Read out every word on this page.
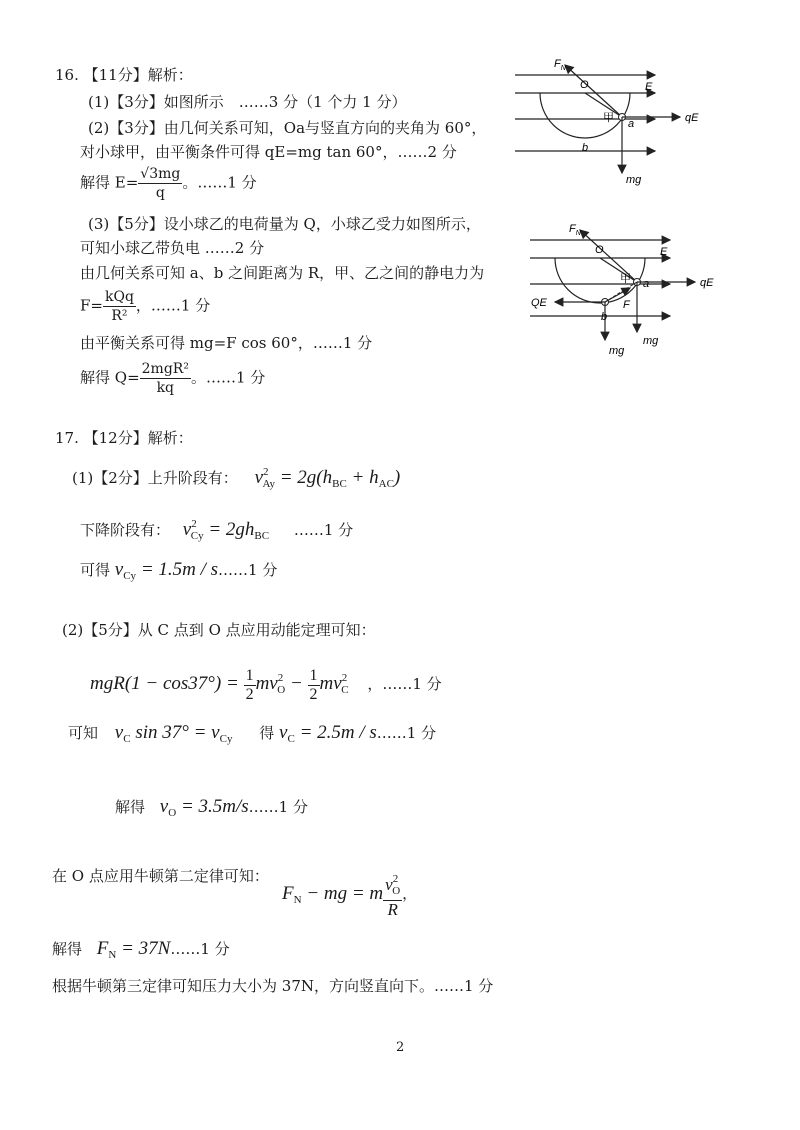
16. 【11分】解析：
(1)【3分】如图所示　……3 分（1 个力 1 分）
(2)【3分】由几何关系可知，Oa与竖直方向的夹角为 60°，
对小球甲，由平衡条件可得 qE=mg tan 60°，……2 分
解得 $E= \frac{√3mg}{q}$ 。……1 分
(3)【5分】设小球乙的电荷量为 Q，小球乙受力如图所示，
可知小球乙带负电 ……2 分
由几何关系可知 a、b 之间距离为 R，甲、乙之间的静电力为
$F= \frac{\text{kQq}}{\text{R²}}$ ，……1 分
由平衡关系可得 mg=F cos 60°，……1 分
解得 $Q= \frac{\text{2mgR²}}{kq}$ 。……1 分
$F_N$
O	E
甲 a	qE
b
mg
$F_N$
O	E
甲 a	qE
QE	F
b
mg
mg
17. 【12分】解析：
(1)【2分】上升阶段有： $v^2_{Ay} = 2g(h_{BC} + h_{AC})$
下降阶段有： $v^2_{Cy} = 2gh_{BC}$ ……1 分
可得 $v_{Cy} = 1.5m$ / s……1 分
(2)【5分】从 C 点到 O 点应用动能定理可知：
$mgR(1 - \cos 37^\circ) = \frac{1}{2} mv^2_O - \frac{1}{2} mv^2_C$ ，……1 分
可知 $v_C$ $\sin 37^\circ = v_{Cy}$ 得 $v_C = 2.5m$ / s……1 分
解得 $v_O$ = 3.5m/s……1 分
在 O 点应用牛顿第二定律可知：
$F_N$ − mg = m $\frac{v^2_O}{R}$ ，
解得 $F_N$ = 37N……1 分
根据牛顿第三定律可知压力大小为 37N，方向竖直向下。……1 分
2
